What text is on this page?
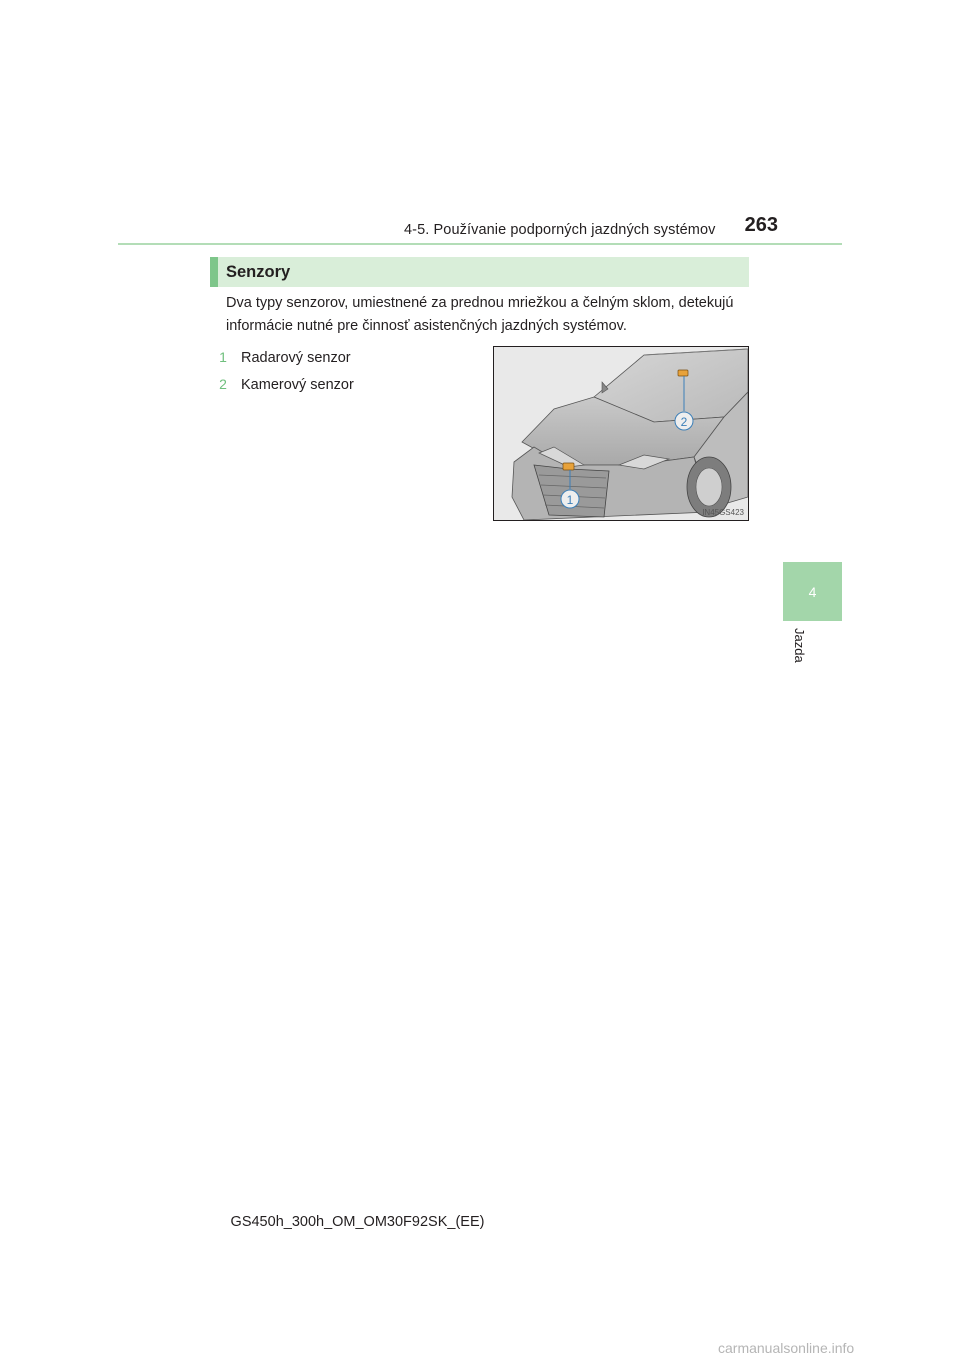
4-5. Používanie podporných jazdných systémov	263
4
Jazda
Senzory
Dva typy senzorov, umiestnené za prednou mriežkou a čelným sklom, detekujú informácie nutné pre činnosť asistenčných jazdných systémov.
1 Radarový senzor
2 Kamerový senzor
2
1
IN45GS423
GS450h_300h_OM_OM30F92SK_(EE)
carmanualsonline.info
